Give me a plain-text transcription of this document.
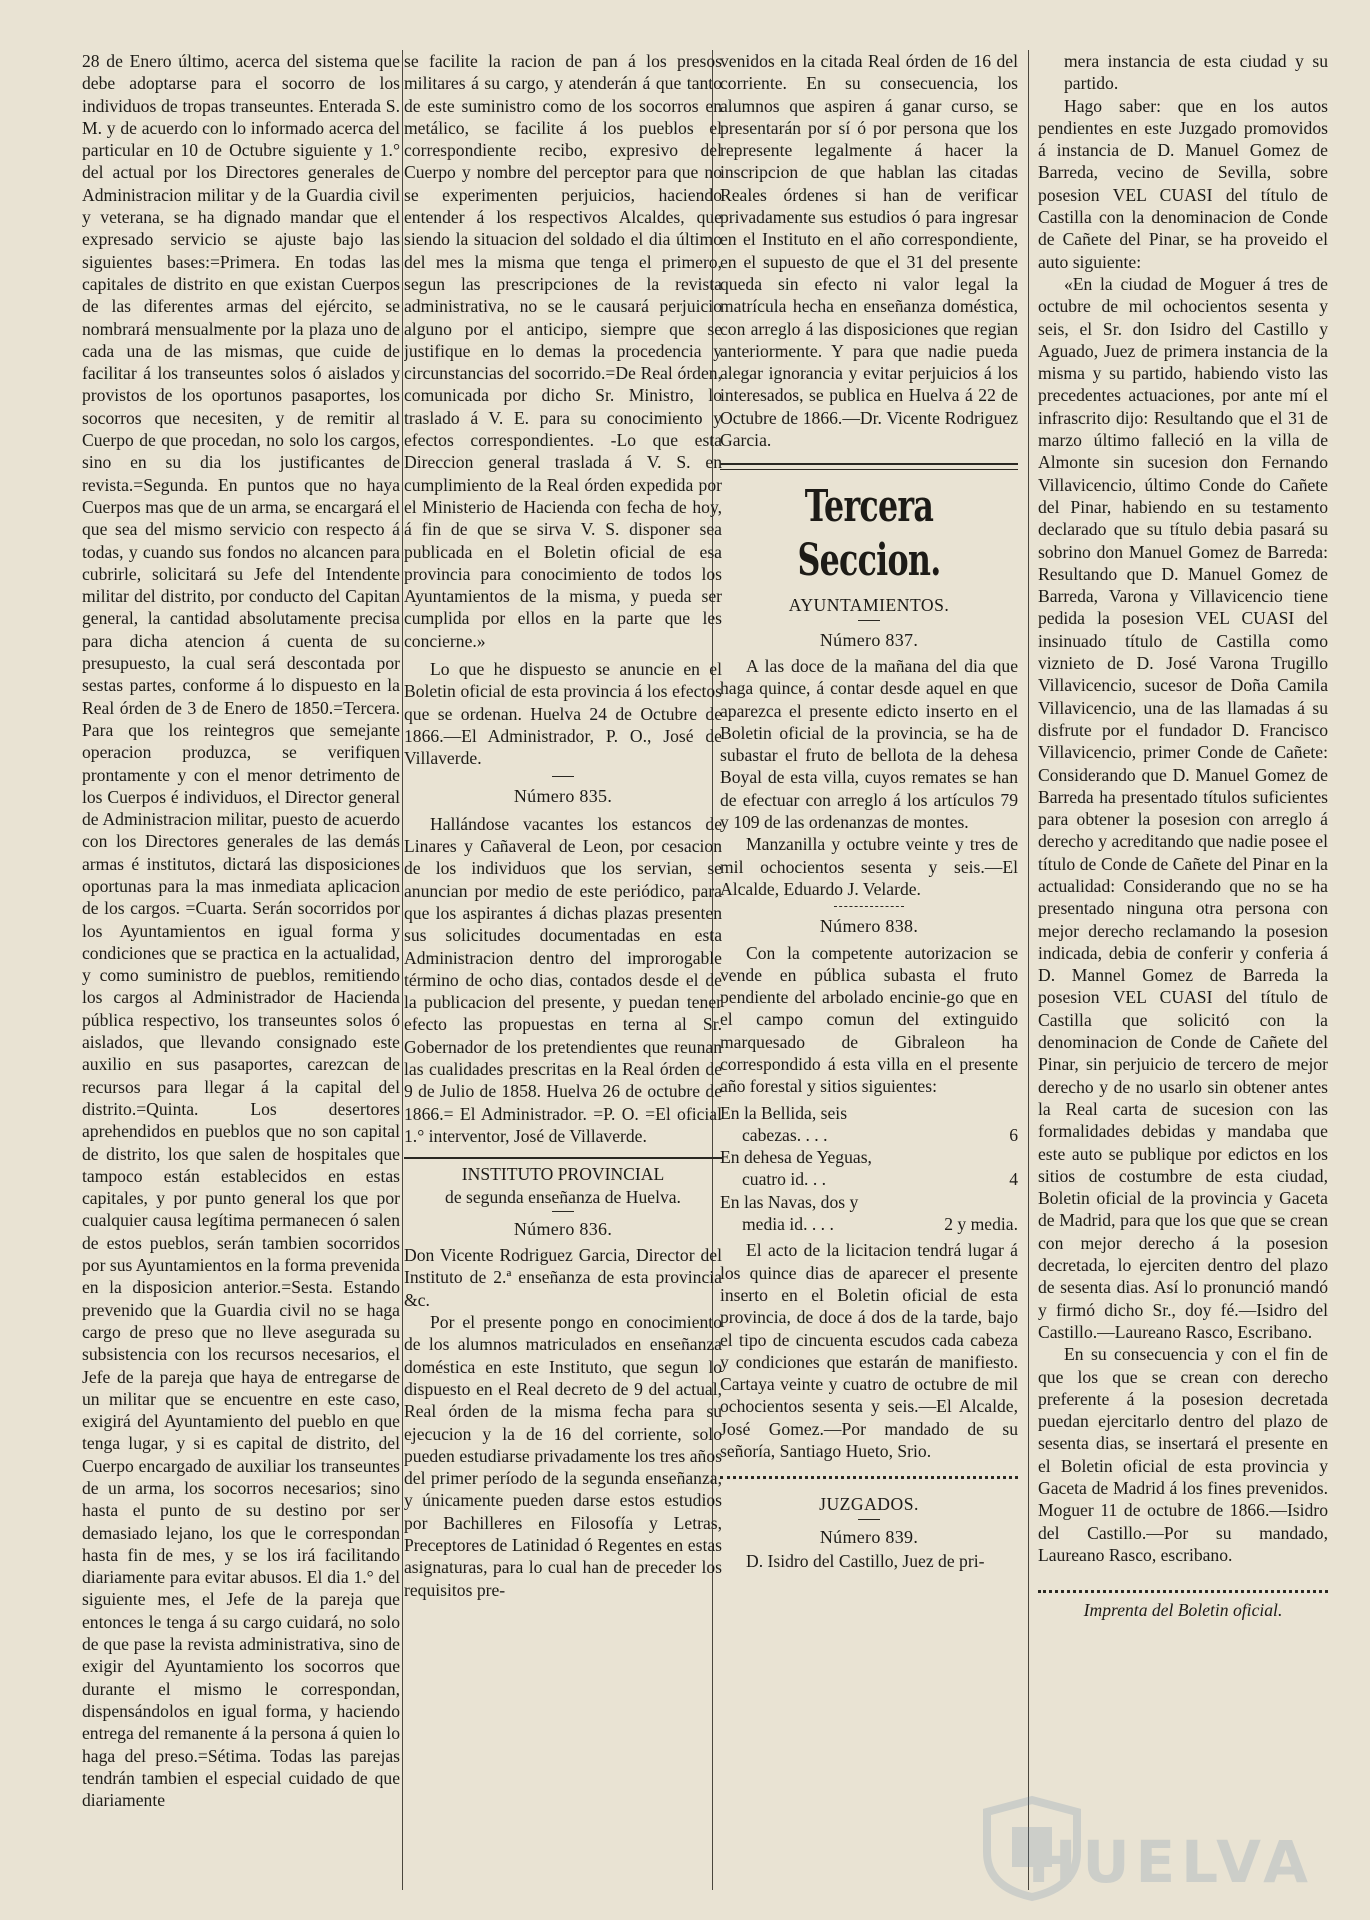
28 de Enero último, acerca del sistema que debe adoptarse para el socorro de los individuos de tropas transeuntes. Enterada S. M. y de acuerdo con lo informado acerca del particular en 10 de Octubre siguiente y 1.° del actual por los Directores generales de Administracion militar y de la Guardia civil y veterana, se ha dignado mandar que el expresado servicio se ajuste bajo las siguientes bases:=Primera. En todas las capitales de distrito en que existan Cuerpos de las diferentes armas del ejército, se nombrará mensualmente por la plaza uno de cada una de las mismas, que cuide de facilitar á los transeuntes solos ó aislados y provistos de los oportunos pasaportes, los socorros que necesiten, y de remitir al Cuerpo de que procedan, no solo los cargos, sino en su dia los justificantes de revista.=Segunda. En puntos que no haya Cuerpos mas que de un arma, se encargará el que sea del mismo servicio con respecto á todas, y cuando sus fondos no alcancen para cubrirle, solicitará su Jefe del Intendente militar del distrito, por conducto del Capitan general, la cantidad absolutamente precisa para dicha atencion á cuenta de su presupuesto, la cual será descontada por sestas partes, conforme á lo dispuesto en la Real órden de 3 de Enero de 1850.=Tercera. Para que los reintegros que semejante operacion produzca, se verifiquen prontamente y con el menor detrimento de los Cuerpos é individuos, el Director general de Administracion militar, puesto de acuerdo con los Directores generales de las demás armas é institutos, dictará las disposiciones oportunas para la mas inmediata aplicacion de los cargos. =Cuarta. Serán socorridos por los Ayuntamientos en igual forma y condiciones que se practica en la actualidad, y como suministro de pueblos, remitiendo los cargos al Administrador de Hacienda pública respectivo, los transeuntes solos ó aislados, que llevando consignado este auxilio en sus pasaportes, carezcan de recursos para llegar á la capital del distrito.=Quinta. Los desertores aprehendidos en pueblos que no son capital de distrito, los que salen de hospitales que tampoco están establecidos en estas capitales, y por punto general los que por cualquier causa legítima permanecen ó salen de estos pueblos, serán tambien socorridos por sus Ayuntamientos en la forma prevenida en la disposicion anterior.=Sesta. Estando prevenido que la Guardia civil no se haga cargo de preso que no lleve asegurada su subsistencia con los recursos necesarios, el Jefe de la pareja que haya de entregarse de un militar que se encuentre en este caso, exigirá del Ayuntamiento del pueblo en que tenga lugar, y si es capital de distrito, del Cuerpo encargado de auxiliar los transeuntes de un arma, los socorros necesarios; sino hasta el punto de su destino por ser demasiado lejano, los que le correspondan hasta fin de mes, y se los irá facilitando diariamente para evitar abusos. El dia 1.° del siguiente mes, el Jefe de la pareja que entonces le tenga á su cargo cuidará, no solo de que pase la revista administrativa, sino de exigir del Ayuntamiento los socorros que durante el mismo le correspondan, dispensándolos en igual forma, y haciendo entrega del remanente á la persona á quien lo haga del preso.=Sétima. Todas las parejas tendrán tambien el especial cuidado de que diariamente

se facilite la racion de pan á los presos militares á su cargo, y atenderán á que tanto de este suministro como de los socorros en metálico, se facilite á los pueblos el correspondiente recibo, expresivo del Cuerpo y nombre del perceptor para que no se experimenten perjuicios, haciendo entender á los respectivos Alcaldes, que siendo la situacion del soldado el dia último del mes la misma que tenga el primero, segun las prescripciones de la revista administrativa, no se le causará perjuicio alguno por el anticipo, siempre que se justifique en lo demas la procedencia y circunstancias del socorrido.=De Real órden, comunicada por dicho Sr. Ministro, lo traslado á V. E. para su conocimiento y efectos correspondientes. -Lo que esta Direccion general traslada á V. S. en cumplimiento de la Real órden expedida por el Ministerio de Hacienda con fecha de hoy, á fin de que se sirva V. S. disponer sea publicada en el Boletin oficial de esa provincia para conocimiento de todos los Ayuntamientos de la misma, y pueda ser cumplida por ellos en la parte que les concierne.»

Lo que he dispuesto se anuncie en el Boletin oficial de esta provincia á los efectos que se ordenan. Huelva 24 de Octubre de 1866.—El Administrador, P. O., José de Villaverde.

Número 835.

Hallándose vacantes los estancos de Linares y Cañaveral de Leon, por cesacion de los individuos que los servian, se anuncian por medio de este periódico, para que los aspirantes á dichas plazas presenten sus solicitudes documentadas en esta Administracion dentro del improrogable término de ocho dias, contados desde el de la publicacion del presente, y puedan tener efecto las propuestas en terna al Sr. Gobernador de los pretendientes que reunan las cualidades prescritas en la Real órden de 9 de Julio de 1858. Huelva 26 de octubre de 1866.= El Administrador. =P. O. =El oficial 1.° interventor, José de Villaverde.

INSTITUTO PROVINCIAL

de segunda enseñanza de Huelva.

Número 836.

Don Vicente Rodriguez Garcia, Director del Instituto de 2.ª enseñanza de esta provincia &c.

Por el presente pongo en conocimiento de los alumnos matriculados en enseñanza doméstica en este Instituto, que segun lo dispuesto en el Real decreto de 9 del actual, Real órden de la misma fecha para su ejecucion y la de 16 del corriente, solo pueden estudiarse privadamente los tres años del primer período de la segunda enseñanza, y únicamente pueden darse estos estudios por Bachilleres en Filosofía y Letras, Preceptores de Latinidad ó Regentes en estas asignaturas, para lo cual han de preceder los requisitos pre-

venidos en la citada Real órden de 16 del corriente. En su consecuencia, los alumnos que aspiren á ganar curso, se presentarán por sí ó por persona que los represente legalmente á hacer la inscripcion de que hablan las citadas Reales órdenes si han de verificar privadamente sus estudios ó para ingresar en el Instituto en el año correspondiente, en el supuesto de que el 31 del presente queda sin efecto ni valor legal la matrícula hecha en enseñanza doméstica, con arreglo á las disposiciones que regian anteriormente. Y para que nadie pueda alegar ignorancia y evitar perjuicios á los interesados, se publica en Huelva á 22 de Octubre de 1866.—Dr. Vicente Rodriguez Garcia.

Tercera Seccion.

AYUNTAMIENTOS.

Número 837.

A las doce de la mañana del dia que haga quince, á contar desde aquel en que aparezca el presente edicto inserto en el Boletin oficial de la provincia, se ha de subastar el fruto de bellota de la dehesa Boyal de esta villa, cuyos remates se han de efectuar con arreglo á los artículos 79 y 109 de las ordenanzas de montes.

Manzanilla y octubre veinte y tres de mil ochocientos sesenta y seis.—El Alcalde, Eduardo J. Velarde.

Número 838.

Con la competente autorizacion se vende en pública subasta el fruto pendiente del arbolado encinie-go que en el campo comun del extinguido marquesado de Gibraleon ha correspondido á esta villa en el presente año forestal y sitios siguientes:

En la Bellida, seis
cabezas. . . .	6
En dehesa de Yeguas,
cuatro id. . .	4
En las Navas, dos y
media id. . . .	2 y media.

El acto de la licitacion tendrá lugar á los quince dias de aparecer el presente inserto en el Boletin oficial de esta provincia, de doce á dos de la tarde, bajo el tipo de cincuenta escudos cada cabeza y condiciones que estarán de manifiesto. Cartaya veinte y cuatro de octubre de mil ochocientos sesenta y seis.—El Alcalde, José Gomez.—Por mandado de su señoría, Santiago Hueto, Srio.

JUZGADOS.

Número 839.

D. Isidro del Castillo, Juez de pri-

mera instancia de esta ciudad y su partido.

Hago saber: que en los autos pendientes en este Juzgado promovidos á instancia de D. Manuel Gomez de Barreda, vecino de Sevilla, sobre posesion VEL CUASI del título de Castilla con la denominacion de Conde de Cañete del Pinar, se ha proveido el auto siguiente:

«En la ciudad de Moguer á tres de octubre de mil ochocientos sesenta y seis, el Sr. don Isidro del Castillo y Aguado, Juez de primera instancia de la misma y su partido, habiendo visto las precedentes actuaciones, por ante mí el infrascrito dijo: Resultando que el 31 de marzo último falleció en la villa de Almonte sin sucesion don Fernando Villavicencio, último Conde do Cañete del Pinar, habiendo en su testamento declarado que su título debia pasará su sobrino don Manuel Gomez de Barreda: Resultando que D. Manuel Gomez de Barreda, Varona y Villavicencio tiene pedida la posesion VEL CUASI del insinuado título de Castilla como viznieto de D. José Varona Trugillo Villavicencio, sucesor de Doña Camila Villavicencio, una de las llamadas á su disfrute por el fundador D. Francisco Villavicencio, primer Conde de Cañete: Considerando que D. Manuel Gomez de Barreda ha presentado títulos suficientes para obtener la posesion con arreglo á derecho y acreditando que nadie posee el título de Conde de Cañete del Pinar en la actualidad: Considerando que no se ha presentado ninguna otra persona con mejor derecho reclamando la posesion indicada, debia de conferir y conferia á D. Mannel Gomez de Barreda la posesion VEL CUASI del título de Castilla que solicitó con la denominacion de Conde de Cañete del Pinar, sin perjuicio de tercero de mejor derecho y de no usarlo sin obtener antes la Real carta de sucesion con las formalidades debidas y mandaba que este auto se publique por edictos en los sitios de costumbre de esta ciudad, Boletin oficial de la provincia y Gaceta de Madrid, para que los que que se crean con mejor derecho á la posesion decretada, lo ejerciten dentro del plazo de sesenta dias. Así lo pronunció mandó y firmó dicho Sr., doy fé.—Isidro del Castillo.—Laureano Rasco, Escribano.

En su consecuencia y con el fin de que los que se crean con derecho preferente á la posesion decretada puedan ejercitarlo dentro del plazo de sesenta dias, se insertará el presente en el Boletin oficial de esta provincia y Gaceta de Madrid á los fines prevenidos. Moguer 11 de octubre de 1866.—Isidro del Castillo.—Por su mandado, Laureano Rasco, escribano.

Imprenta del Boletin oficial.

HUELVA
